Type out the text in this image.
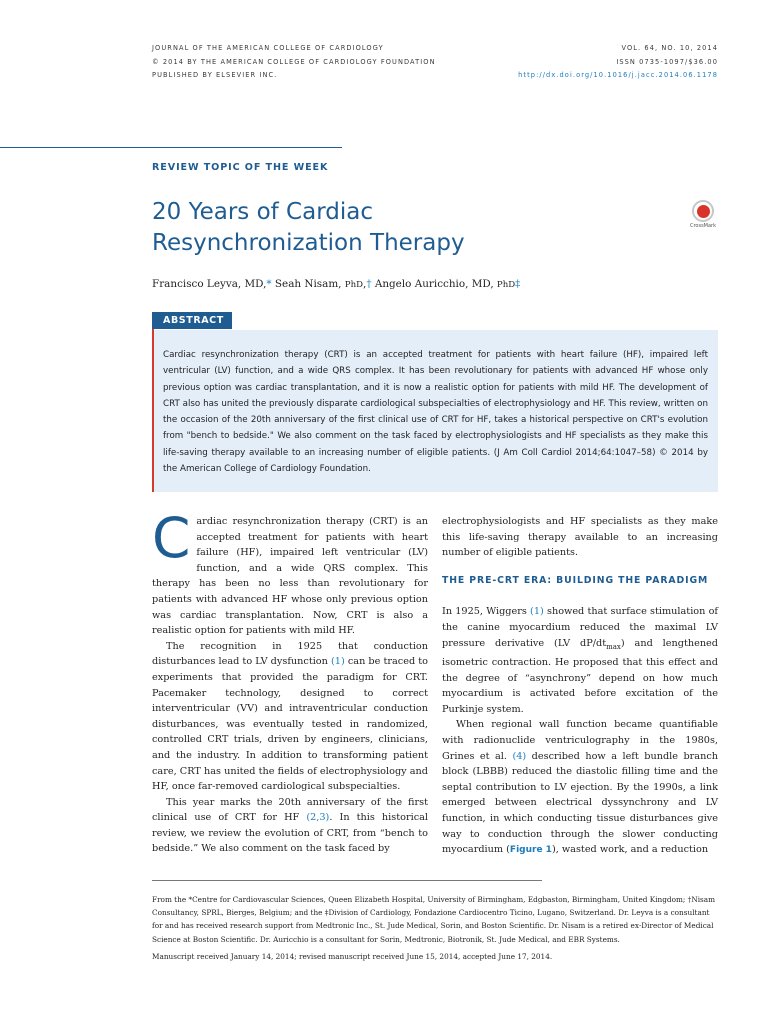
JOURNAL OF THE AMERICAN COLLEGE OF CARDIOLOGY
© 2014 BY THE AMERICAN COLLEGE OF CARDIOLOGY FOUNDATION
PUBLISHED BY ELSEVIER INC.
VOL. 64, NO. 10, 2014
ISSN 0735-1097/$36.00
http://dx.doi.org/10.1016/j.jacc.2014.06.1178
REVIEW TOPIC OF THE WEEK
20 Years of Cardiac
Resynchronization Therapy
CrossMark
Francisco Leyva, MD,* Seah Nisam, PhD,† Angelo Auricchio, MD, PhD‡
ABSTRACT
Cardiac resynchronization therapy (CRT) is an accepted treatment for patients with heart failure (HF), impaired left ventricular (LV) function, and a wide QRS complex. It has been revolutionary for patients with advanced HF whose only previous option was cardiac transplantation, and it is now a realistic option for patients with mild HF. The development of CRT also has united the previously disparate cardiological subspecialties of electrophysiology and HF. This review, written on the occasion of the 20th anniversary of the first clinical use of CRT for HF, takes a historical perspective on CRT's evolution from "bench to bedside." We also comment on the task faced by electrophysiologists and HF specialists as they make this life-saving therapy available to an increasing number of eligible patients. (J Am Coll Cardiol 2014;64:1047–58) © 2014 by the American College of Cardiology Foundation.

Cardiac resynchronization therapy (CRT) is an accepted treatment for patients with heart failure (HF), impaired left ventricular (LV) function, and a wide QRS complex. This therapy has been no less than revolutionary for patients with advanced HF whose only previous option was cardiac transplantation. Now, CRT is also a realistic option for patients with mild HF.

The recognition in 1925 that conduction disturbances lead to LV dysfunction (1) can be traced to experiments that provided the paradigm for CRT. Pacemaker technology, designed to correct interventricular (VV) and intraventricular conduction disturbances, was eventually tested in randomized, controlled CRT trials, driven by engineers, clinicians, and the industry. In addition to transforming patient care, CRT has united the fields of electrophysiology and HF, once far-removed cardiological subspecialties.

This year marks the 20th anniversary of the first clinical use of CRT for HF (2,3). In this historical review, we review the evolution of CRT, from “bench to bedside.” We also comment on the task faced by

electrophysiologists and HF specialists as they make this life-saving therapy available to an increasing number of eligible patients.

THE PRE-CRT ERA: BUILDING THE PARADIGM

In 1925, Wiggers (1) showed that surface stimulation of the canine myocardium reduced the maximal LV pressure derivative (LV $dP/dt_{max}$) and lengthened isometric contraction. He proposed that this effect and the degree of “asynchrony” depend on how much myocardium is activated before excitation of the Purkinje system.

When regional wall function became quantifiable with radionuclide ventriculography in the 1980s, Grines et al. (4) described how a left bundle branch block (LBBB) reduced the diastolic filling time and the septal contribution to LV ejection. By the 1990s, a link emerged between electrical dyssynchrony and LV function, in which conducting tissue disturbances give way to conduction through the slower conducting myocardium (Figure 1), wasted work, and a reduction

From the *Centre for Cardiovascular Sciences, Queen Elizabeth Hospital, University of Birmingham, Edgbaston, Birmingham, United Kingdom; †Nisam Consultancy, SPRL, Bierges, Belgium; and the ‡Division of Cardiology, Fondazione Cardiocentro Ticino, Lugano, Switzerland. Dr. Leyva is a consultant for and has received research support from Medtronic Inc., St. Jude Medical, Sorin, and Boston Scientific. Dr. Nisam is a retired ex-Director of Medical Science at Boston Scientific. Dr. Auricchio is a consultant for Sorin, Medtronic, Biotronik, St. Jude Medical, and EBR Systems.

Manuscript received January 14, 2014; revised manuscript received June 15, 2014, accepted June 17, 2014.
